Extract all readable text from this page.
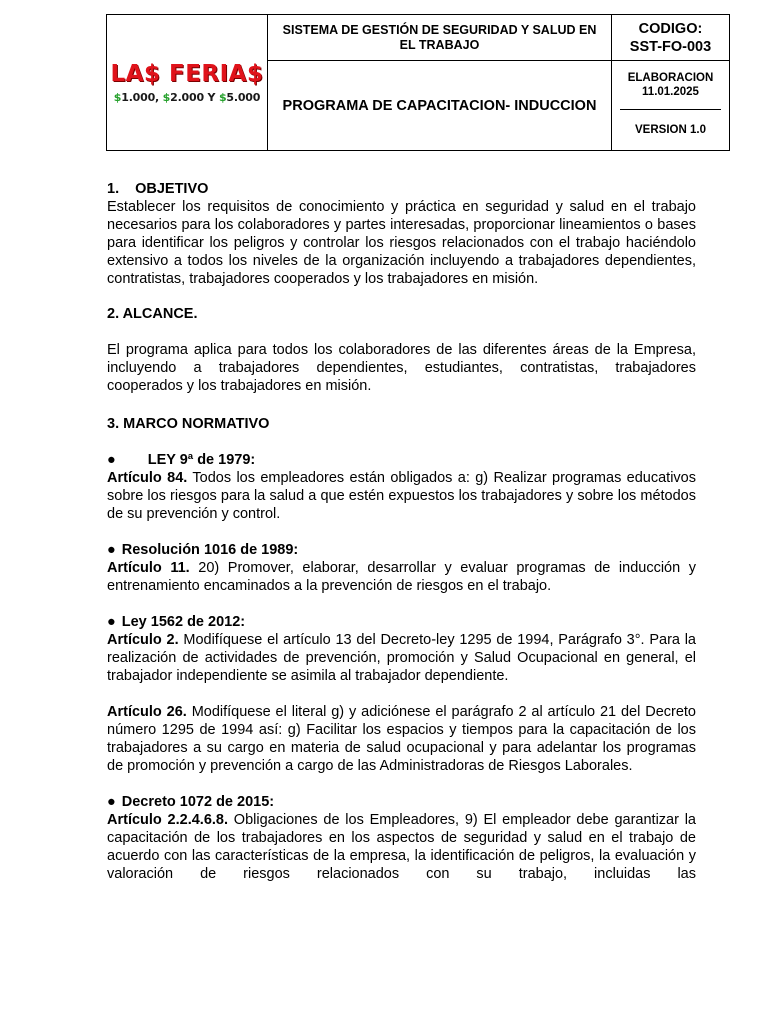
LA$ FERIA$
$1.000, $2.000 Y $5.000
SISTEMA DE GESTIÓN DE SEGURIDAD Y SALUD EN EL TRABAJO
PROGRAMA DE CAPACITACION- INDUCCION
CODIGO:
SST-FO-003
ELABORACION
11.01.2025
VERSION 1.0
1. OBJETIVO

Establecer los requisitos de conocimiento y práctica en seguridad y salud en el trabajo necesarios para los colaboradores y partes interesadas, proporcionar lineamientos o bases para identificar los peligros y controlar los riesgos relacionados con el trabajo haciéndolo extensivo a todos los niveles de la organización incluyendo a trabajadores dependientes, contratistas, trabajadores cooperados y los trabajadores en misión.

2. ALCANCE.

El programa aplica para todos los colaboradores de las diferentes áreas de la Empresa, incluyendo a trabajadores dependientes, estudiantes, contratistas, trabajadores cooperados y los trabajadores en misión.

3. MARCO NORMATIVO
● LEY 9ª de 1979:

Artículo 84. Todos los empleadores están obligados a: g) Realizar programas educativos sobre los riesgos para la salud a que estén expuestos los trabajadores y sobre los métodos de su prevención y control.

● Resolución 1016 de 1989:

Artículo 11. 20) Promover, elaborar, desarrollar y evaluar programas de inducción y entrenamiento encaminados a la prevención de riesgos en el trabajo.

● Ley 1562 de 2012:

Artículo 2. Modifíquese el artículo 13 del Decreto-ley 1295 de 1994, Parágrafo 3°. Para la realización de actividades de prevención, promoción y Salud Ocupacional en general, el trabajador independiente se asimila al trabajador dependiente.

Artículo 26. Modifíquese el literal g) y adiciónese el parágrafo 2 al artículo 21 del Decreto número 1295 de 1994 así: g) Facilitar los espacios y tiempos para la capacitación de los trabajadores a su cargo en materia de salud ocupacional y para adelantar los programas de promoción y prevención a cargo de las Administradoras de Riesgos Laborales.

● Decreto 1072 de 2015:

Artículo 2.2.4.6.8. Obligaciones de los Empleadores, 9) El empleador debe garantizar la capacitación de los trabajadores en los aspectos de seguridad y salud en el trabajo de acuerdo con las características de la empresa, la identificación de peligros, la evaluación y valoración de riesgos relacionados con su trabajo, incluidas las
